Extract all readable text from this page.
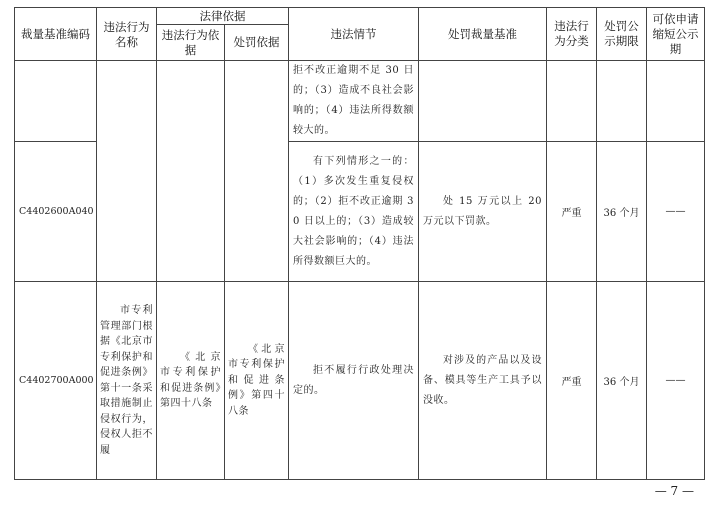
裁量基准编码	违法行为名称	法律依据		违法情节	处罚裁量基准	违法行为分类	处罚公示期限	可依申请缩短公示期

		违法行为依据	处罚依据					

				拒不改正逾期不足 30 日的；（3）造成不良社会影响的；（4）违法所得数额较大的。				

C4402600A040				有下列情形之一的：（1）多次发生重复侵权的；（2）拒不改正逾期 30 日以上的；（3）造成较大社会影响的；（4）违法所得数额巨大的。	处 15 万元以上 20 万元以下罚款。	严重	36 个月	——
C4402700A000	市专利管理部门根据《北京市专利保护和促进条例》第十一条采取措施制止侵权行为，侵权人拒不履	《北京市专利保护和促进条例》第四十八条	《北京市专利保护和促进条例》第四十八条	拒不履行行政处理决定的。	对涉及的产品以及设备、模具等生产工具予以没收。	严重	36 个月	——
— 7 —
